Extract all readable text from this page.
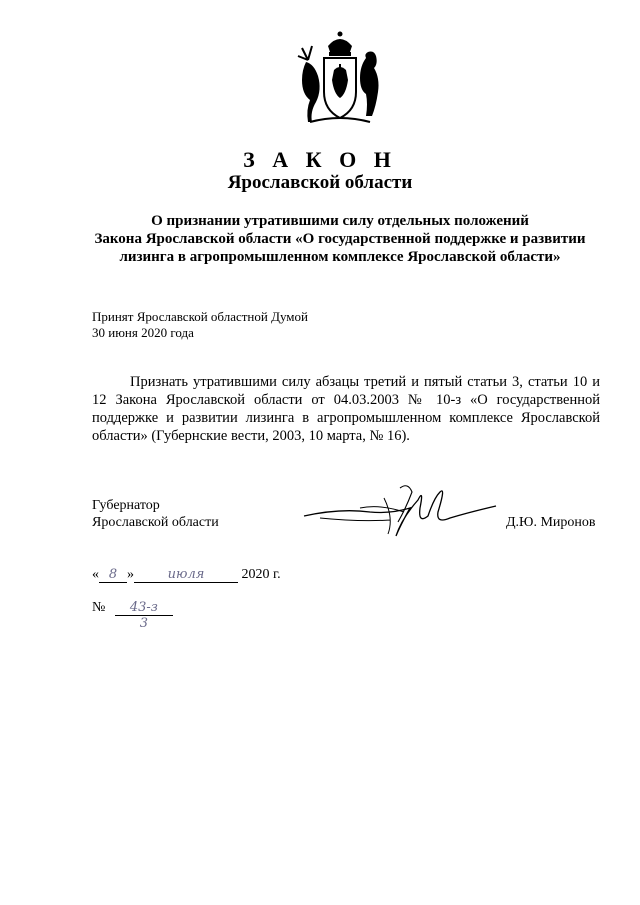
З А К О Н
Ярославской области
О признании утратившими силу отдельных положений
Закона Ярославской области «О государственной поддержке и развитии
лизинга в агропромышленном комплексе Ярославской области»
Принят Ярославской областной Думой
30 июня 2020 года
Признать утратившими силу абзацы третий и пятый статьи 3, статьи 10 и 12 Закона Ярославской области от 04.03.2003 № 10-з «О государственной поддержке и развитии лизинга в агропромышленном комплексе Ярославской области» (Губернские вести, 2003, 10 марта, № 16).
Губернатор
Ярославской области	Д.Ю. Миронов
« 8 »	июля	2020 г.
№	43-з
3
